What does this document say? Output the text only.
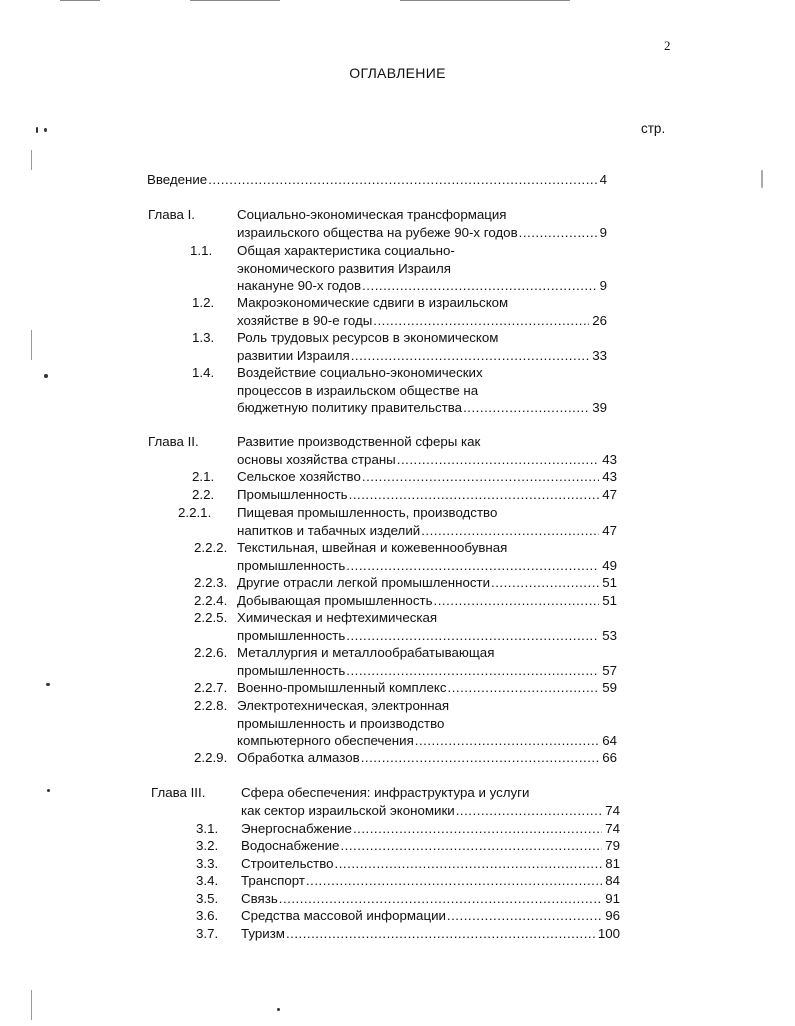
2
ОГЛАВЛЕНИЕ
стр.
Введение .....	4
Глава I.	Социально-экономическая трансформация
израильского общества на рубеже 90-х годов .....	9
1.1. Общая характеристика социально-
экономического развития Израиля
накануне 90-х годов .....	9
1.2. Макроэкономические сдвиги в израильском
хозяйстве в 90-е годы .....	26
1.3. Роль трудовых ресурсов в экономическом
развитии Израиля .....	33
1.4. Воздействие социально-экономических
процессов в израильском обществе на
бюджетную политику правительства .....	39
Глава II.	Развитие производственной сферы как
основы хозяйства страны .....	43
2.1. Сельское хозяйство .....	43
2.2. Промышленность .....	47
2.2.1. Пищевая промышленность, производство
напитков и табачных изделий .....	47
2.2.2. Текстильная, швейная и кожевеннообувная
промышленность .....	49
2.2.3. Другие отрасли легкой промышленности .....	51
2.2.4. Добывающая промышленность .....	51
2.2.5. Химическая и нефтехимическая
промышленность .....	53
2.2.6. Металлургия и металлообрабатывающая
промышленность .....	57
2.2.7. Военно-промышленный комплекс .....	59
2.2.8. Электротехническая, электронная
промышленность и производство
компьютерного обеспечения .....	64
2.2.9. Обработка алмазов .....	66
Глава III.	Сфера обеспечения: инфраструктура и услуги
как сектор израильской экономики .....	74
3.1. Энергоснабжение .....	74
3.2. Водоснабжение .....	79
3.3. Строительство .....	81
3.4. Транспорт .....	84
3.5. Связь .....	91
3.6. Средства массовой информации .....	96
3.7. Туризм .....	100
